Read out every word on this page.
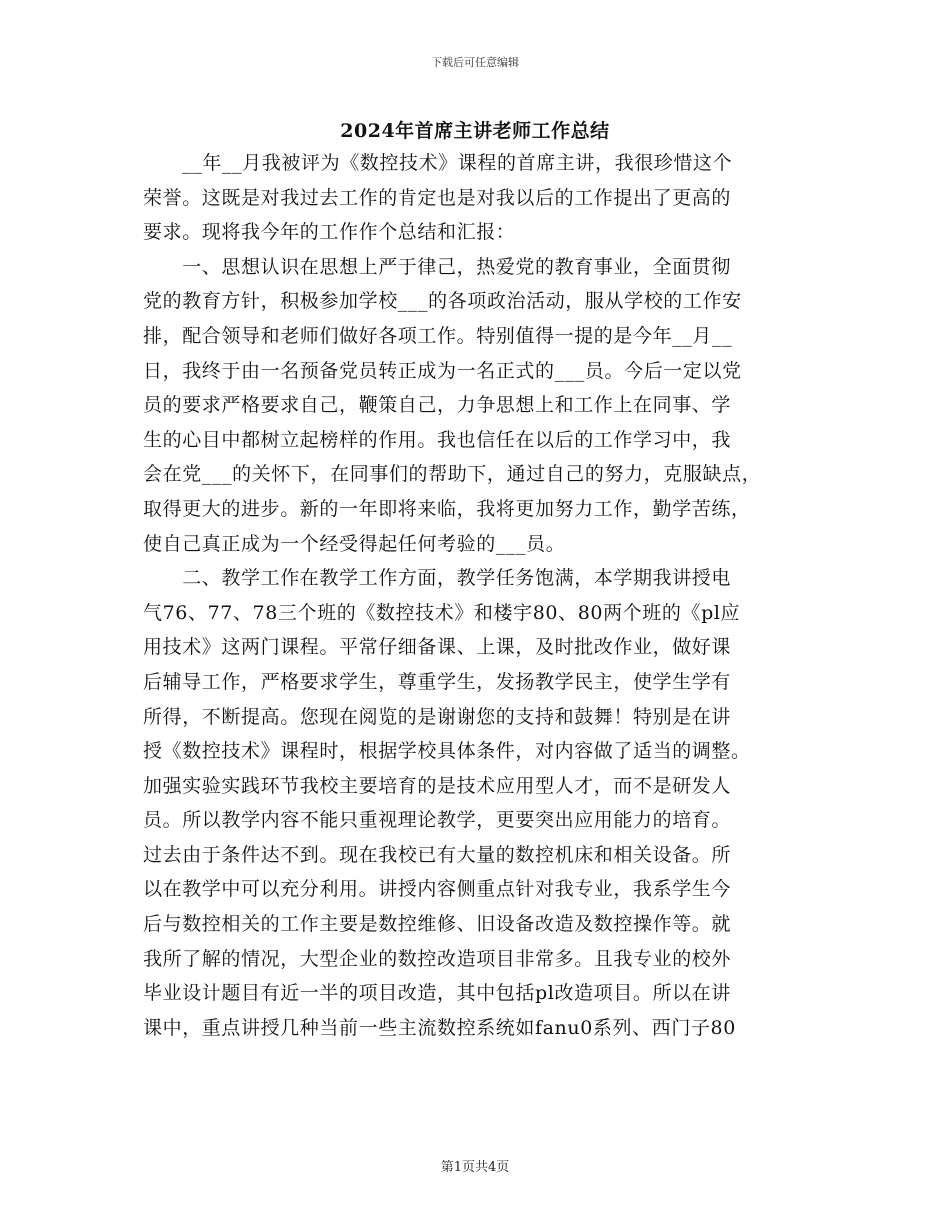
下载后可任意编辑
2024年首席主讲老师工作总结
　　__年__月我被评为《数控技术》课程的首席主讲，我很珍惜这个
荣誉。这既是对我过去工作的肯定也是对我以后的工作提出了更高的
要求。现将我今年的工作作个总结和汇报：
　　一、思想认识在思想上严于律己，热爱党的教育事业，全面贯彻
党的教育方针，积极参加学校___的各项政治活动，服从学校的工作安
排，配合领导和老师们做好各项工作。特别值得一提的是今年__月__
日，我终于由一名预备党员转正成为一名正式的___员。今后一定以党
员的要求严格要求自己，鞭策自己，力争思想上和工作上在同事、学
生的心目中都树立起榜样的作用。我也信任在以后的工作学习中，我
会在党___的关怀下，在同事们的帮助下，通过自己的努力，克服缺点，
取得更大的进步。新的一年即将来临，我将更加努力工作，勤学苦练，
使自己真正成为一个经受得起任何考验的___员。
　　二、教学工作在教学工作方面，教学任务饱满，本学期我讲授电
气76、77、78三个班的《数控技术》和楼宇80、80两个班的《pl应
用技术》这两门课程。平常仔细备课、上课，及时批改作业，做好课
后辅导工作，严格要求学生，尊重学生，发扬教学民主，使学生学有
所得，不断提高。您现在阅览的是谢谢您的支持和鼓舞！特别是在讲
授《数控技术》课程时，根据学校具体条件，对内容做了适当的调整。
加强实验实践环节我校主要培育的是技术应用型人才，而不是研发人
员。所以教学内容不能只重视理论教学，更要突出应用能力的培育。
过去由于条件达不到。现在我校已有大量的数控机床和相关设备。所
以在教学中可以充分利用。讲授内容侧重点针对我专业，我系学生今
后与数控相关的工作主要是数控维修、旧设备改造及数控操作等。就
我所了解的情况，大型企业的数控改造项目非常多。且我专业的校外
毕业设计题目有近一半的项目改造，其中包括pl改造项目。所以在讲
课中，重点讲授几种当前一些主流数控系统如fanu0系列、西门子80
第1页共4页
